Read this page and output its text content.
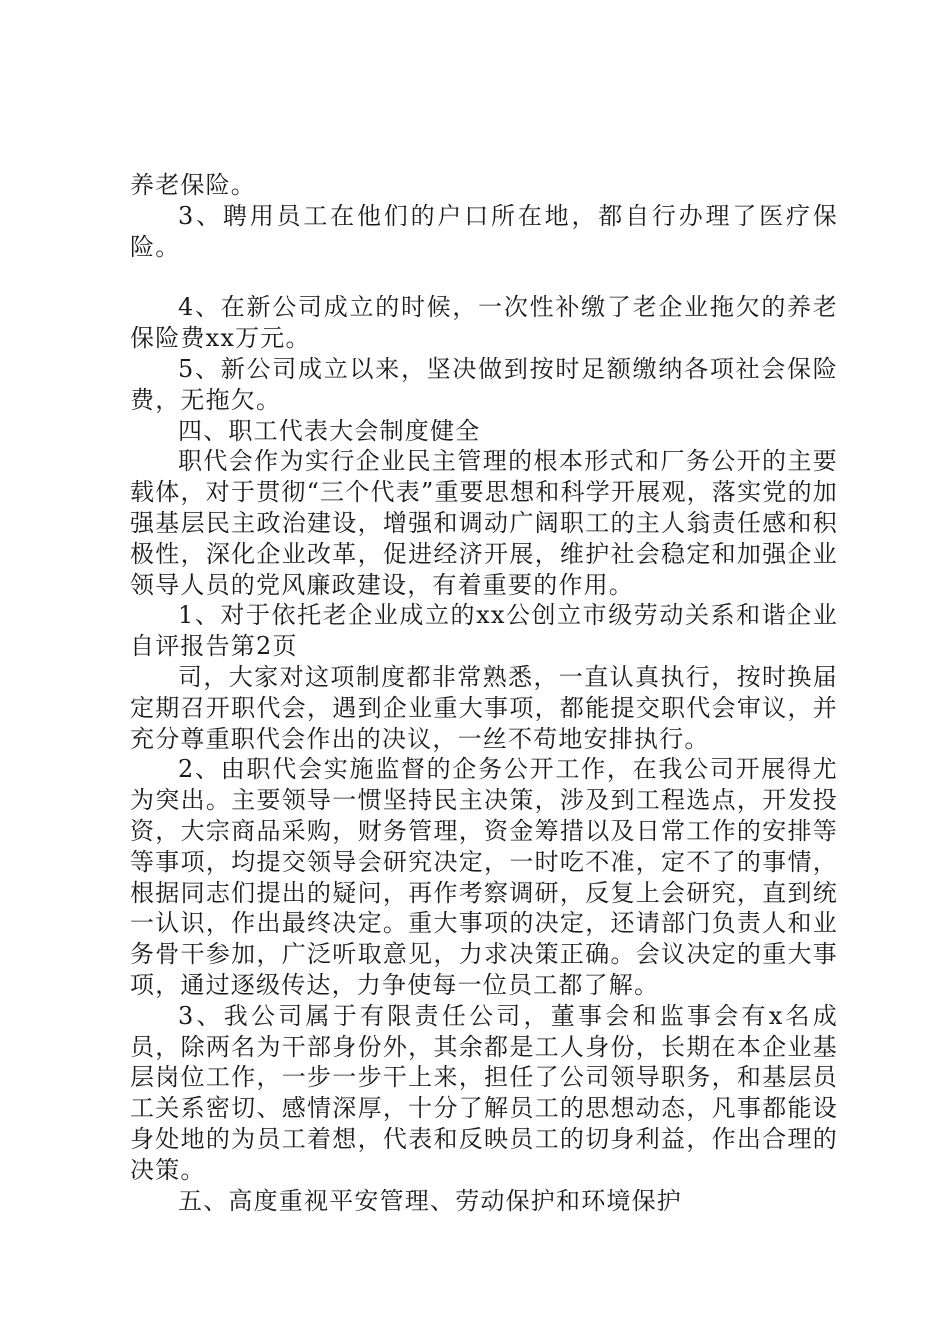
养老保险。

3、聘用员工在他们的户口所在地，都自行办理了医疗保险。

4、在新公司成立的时候，一次性补缴了老企业拖欠的养老保险费xx万元。

5、新公司成立以来，坚决做到按时足额缴纳各项社会保险费，无拖欠。

四、职工代表大会制度健全

职代会作为实行企业民主管理的根本形式和厂务公开的主要载体，对于贯彻“三个代表”重要思想和科学开展观，落实党的加强基层民主政治建设，增强和调动广阔职工的主人翁责任感和积极性，深化企业改革，促进经济开展，维护社会稳定和加强企业领导人员的党风廉政建设，有着重要的作用。

1、对于依托老企业成立的xx公创立市级劳动关系和谐企业自评报告第2页

司，大家对这项制度都非常熟悉，一直认真执行，按时换届定期召开职代会，遇到企业重大事项，都能提交职代会审议，并充分尊重职代会作出的决议，一丝不苟地安排执行。

2、由职代会实施监督的企务公开工作，在我公司开展得尤为突出。主要领导一惯坚持民主决策，涉及到工程选点，开发投资，大宗商品采购，财务管理，资金筹措以及日常工作的安排等等事项，均提交领导会研究决定，一时吃不准，定不了的事情，根据同志们提出的疑问，再作考察调研，反复上会研究，直到统一认识，作出最终决定。重大事项的决定，还请部门负责人和业务骨干参加，广泛听取意见，力求决策正确。会议决定的重大事项，通过逐级传达，力争使每一位员工都了解。

3、我公司属于有限责任公司，董事会和监事会有x名成员，除两名为干部身份外，其余都是工人身份，长期在本企业基层岗位工作，一步一步干上来，担任了公司领导职务，和基层员工关系密切、感情深厚，十分了解员工的思想动态，凡事都能设身处地的为员工着想，代表和反映员工的切身利益，作出合理的决策。

五、高度重视平安管理、劳动保护和环境保护
